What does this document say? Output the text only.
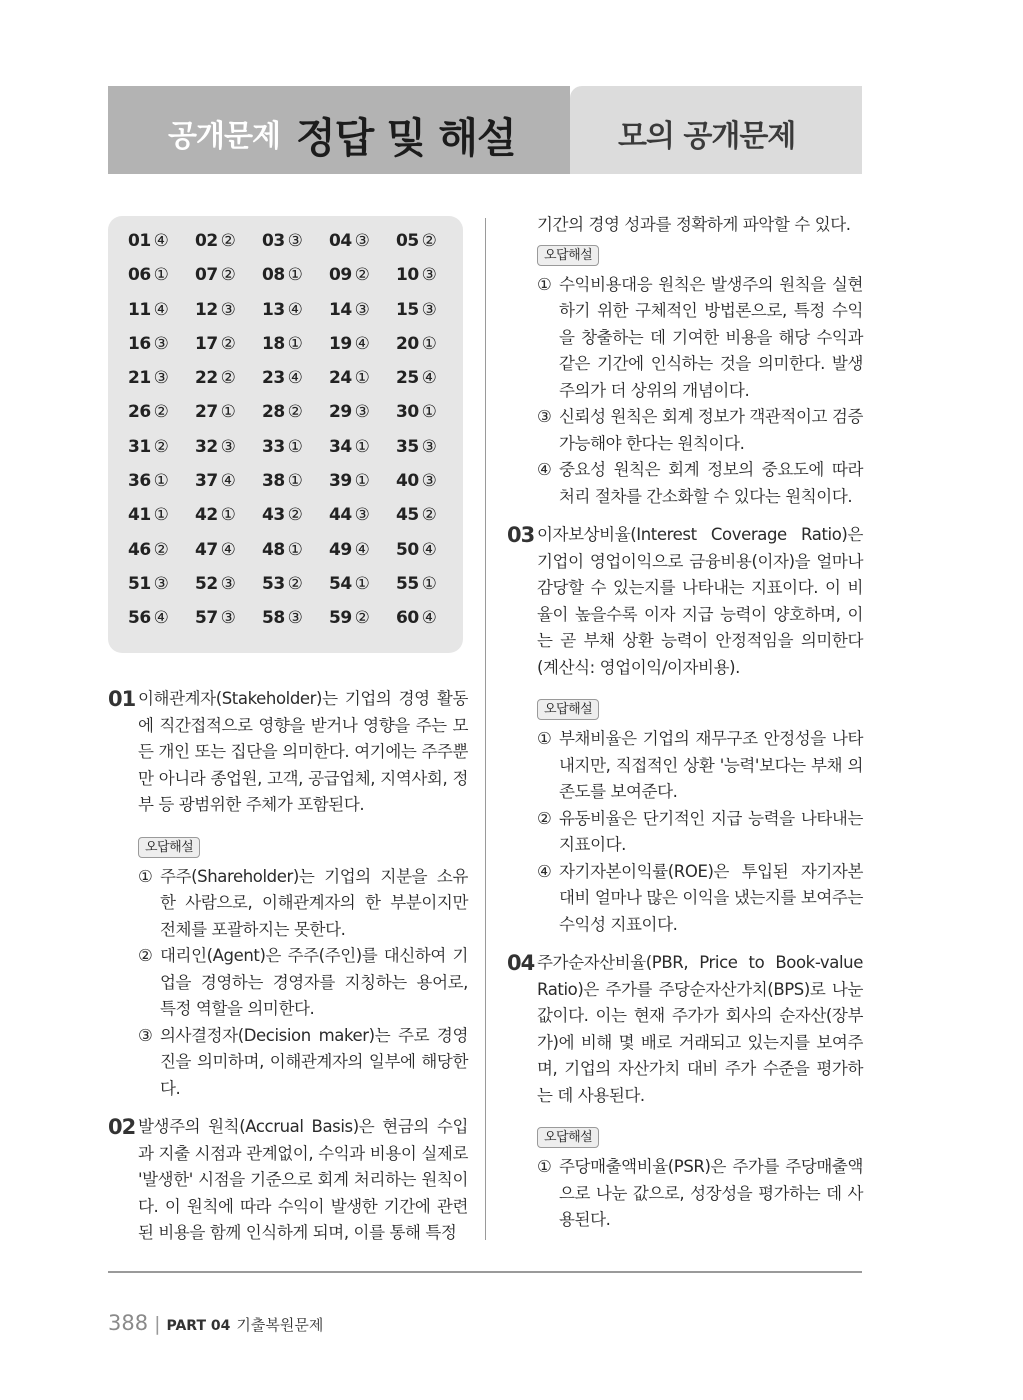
공개문제 정답 및 해설	모의 공개문제
01 ④	02 ②	03 ③	04 ③	05 ②
06 ①	07 ②	08 ①	09 ②	10 ③
11 ④	12 ③	13 ④	14 ③	15 ③
16 ③	17 ②	18 ①	19 ④	20 ①
21 ③	22 ②	23 ④	24 ①	25 ④
26 ②	27 ①	28 ②	29 ③	30 ①
31 ②	32 ③	33 ①	34 ①	35 ③
36 ①	37 ④	38 ①	39 ①	40 ③
41 ①	42 ①	43 ②	44 ③	45 ②
46 ②	47 ④	48 ①	49 ④	50 ④
51 ③	52 ③	53 ②	54 ①	55 ①
56 ④	57 ③	58 ③	59 ②	60 ④
01 이해관계자(Stakeholder)는 기업의 경영 활동에 직간접적으로 영향을 받거나 영향을 주는 모든 개인 또는 집단을 의미한다. 여기에는 주주뿐만 아니라 종업원, 고객, 공급업체, 지역사회, 정부 등 광범위한 주체가 포함된다.
오답해설
① 주주(Shareholder)는 기업의 지분을 소유한 사람으로, 이해관계자의 한 부분이지만 전체를 포괄하지는 못한다.
② 대리인(Agent)은 주주(주인)를 대신하여 기업을 경영하는 경영자를 지칭하는 용어로, 특정 역할을 의미한다.
③ 의사결정자(Decision maker)는 주로 경영진을 의미하며, 이해관계자의 일부에 해당한다.
02 발생주의 원칙(Accrual Basis)은 현금의 수입과 지출 시점과 관계없이, 수익과 비용이 실제로 '발생한' 시점을 기준으로 회계 처리하는 원칙이다. 이 원칙에 따라 수익이 발생한 기간에 관련된 비용을 함께 인식하게 되며, 이를 통해 특정
기간의 경영 성과를 정확하게 파악할 수 있다.
오답해설
① 수익비용대응 원칙은 발생주의 원칙을 실현하기 위한 구체적인 방법론으로, 특정 수익을 창출하는 데 기여한 비용을 해당 수익과 같은 기간에 인식하는 것을 의미한다. 발생주의가 더 상위의 개념이다.
③ 신뢰성 원칙은 회계 정보가 객관적이고 검증 가능해야 한다는 원칙이다.
④ 중요성 원칙은 회계 정보의 중요도에 따라 처리 절차를 간소화할 수 있다는 원칙이다.
03 이자보상비율(Interest Coverage Ratio)은 기업이 영업이익으로 금융비용(이자)을 얼마나 감당할 수 있는지를 나타내는 지표이다. 이 비율이 높을수록 이자 지급 능력이 양호하며, 이는 곧 부채 상환 능력이 안정적임을 의미한다(계산식: 영업이익/이자비용).
오답해설
① 부채비율은 기업의 재무구조 안정성을 나타내지만, 직접적인 상환 '능력'보다는 부채 의존도를 보여준다.
② 유동비율은 단기적인 지급 능력을 나타내는 지표이다.
④ 자기자본이익률(ROE)은 투입된 자기자본 대비 얼마나 많은 이익을 냈는지를 보여주는 수익성 지표이다.
04 주가순자산비율(PBR, Price to Book-value Ratio)은 주가를 주당순자산가치(BPS)로 나눈 값이다. 이는 현재 주가가 회사의 순자산(장부가)에 비해 몇 배로 거래되고 있는지를 보여주며, 기업의 자산가치 대비 주가 수준을 평가하는 데 사용된다.
오답해설
① 주당매출액비율(PSR)은 주가를 주당매출액으로 나눈 값으로, 성장성을 평가하는 데 사용된다.
388 | PART 04 기출복원문제
